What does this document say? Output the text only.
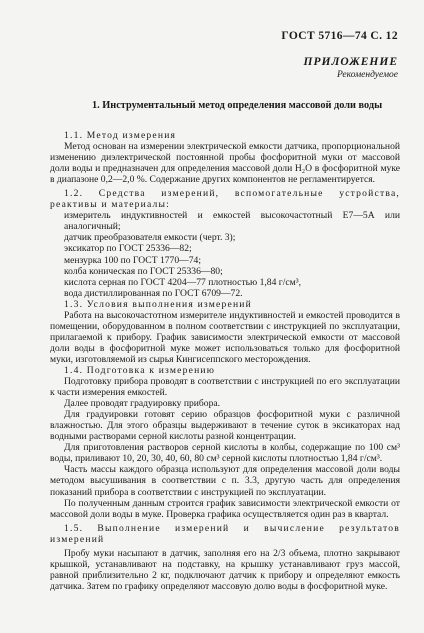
ГОСТ 5716—74 С. 12
ПРИЛОЖЕНИЕ
Рекомендуемое
1. Инструментальный метод определения массовой доли воды

1.1. Метод измерения

Метод основан на измерении электрической емкости датчика, пропорциональной изменению диэлектрической постоянной пробы фосфоритной муки от массовой доли воды и предназначен для определения массовой доли H₂O в фосфоритной муке в диапазоне 0,2—2,0 %. Содержание других компонентов не регламентируется.

1.2. Средства измерений, вспомогательные устройства, реактивы и материалы:

измеритель индуктивностей и емкостей высокочастотный Е7—5А или аналогичный;

датчик преобразователя емкости (черт. 3);

эксикатор по ГОСТ 25336—82;

мензурка 100 по ГОСТ 1770—74;

колба коническая по ГОСТ 25336—80;

кислота серная по ГОСТ 4204—77 плотностью 1,84 г/см³,

вода дистиллированная по ГОСТ 6709—72.

1.3. Условия выполнения измерений

Работа на высокочастотном измерителе индуктивностей и емкостей проводится в помещении, оборудованном в полном соответствии с инструкцией по эксплуатации, прилагаемой к прибору. График зависимости электрической емкости от массовой доли воды в фосфоритной муке может использоваться только для фосфоритной муки, изготовляемой из сырья Кингисеппского месторождения.

1.4. Подготовка к измерению

Подготовку прибора проводят в соответствии с инструкцией по его эксплуатации к части измерения емкостей.

Далее проводят градуировку прибора.

Для градуировки готовят серию образцов фосфоритной муки с различной влажностью. Для этого образцы выдерживают в течение суток в эксикаторах над водными растворами серной кислоты разной концентрации.

Для приготовления растворов серной кислоты в колбы, содержащие по 100 см³ воды, приливают 10, 20, 30, 40, 60, 80 см³ серной кислоты плотностью 1,84 г/см³.

Часть массы каждого образца используют для определения массовой доли воды методом высушивания в соответствии с п. 3.3, другую часть для определения показаний прибора в соответствии с инструкцией по эксплуатации.

По полученным данным строится график зависимости электрической емкости от массовой доли воды в муке. Проверка графика осуществляется один раз в квартал.

1.5. Выполнение измерений и вычисление результатов измерений

Пробу муки насыпают в датчик, заполняя его на 2/3 объема, плотно закрывают крышкой, устанавливают на подставку, на крышку устанавливают груз массой, равной приблизительно 2 кг, подключают датчик к прибору и определяют емкость датчика. Затем по графику определяют массовую долю воды в фосфоритной муке.
